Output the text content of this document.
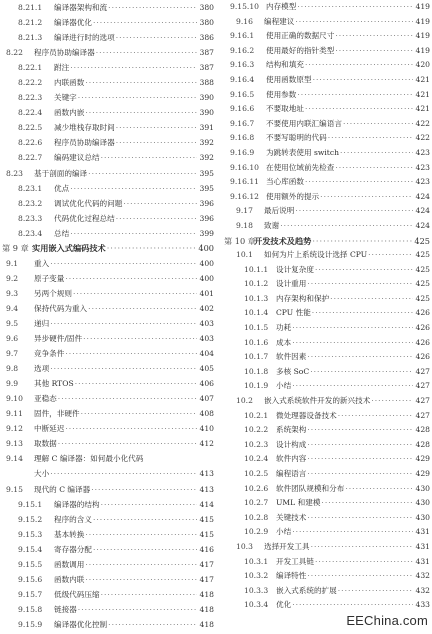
8.21.1	编译器架构和流 ·····	380
8.21.2	编译器优化 ·····	380
8.21.3	编译进行时的选项 ·····	386
8.22	程序员协助编译器 ·····	387
8.22.1	跗注 ·····	387
8.22.2	内联函数 ·····	388
8.22.3	关键字 ·····	390
8.22.4	函数内嵌 ·····	390
8.22.5	减少堆栈存取时间 ·····	391
8.22.6	程序员协助编译器 ·····	392
8.22.7	编码建议总结 ·····	392
8.23	基于剖面的编译 ·····	395
8.23.1	优点 ·····	395
8.23.2	调试优化代码的问题 ·····	396
8.23.3	代码优化过程总结 ·····	396
8.23.4	总结 ·····	399
第 9 章 实用嵌入式编码技术 ·····	400
9.1	重入 ·····	400
9.2	原子变量 ·····	400
9.3	另两个规则 ·····	401
9.4	保持代码为重入 ·····	402
9.5	递归 ·····	403
9.6	异步硬件/固件 ·····	403
9.7	竞争条件 ·····	404
9.8	选项 ·····	405
9.9	其他 RTOS ·····	406
9.10	亚稳态 ·····	407
9.11	固件，非硬件 ·····	408
9.12	中断延迟 ·····	410
9.13	取数据 ·····	412
9.14	理解 C 编译器：如何最小化代码
大小 ·····	413
9.15	现代的 C 编译器 ·····	413
9.15.1	编译器的结构 ·····	414
9.15.2	程序的含义 ·····	415
9.15.3	基本转换 ·····	415
9.15.4	寄存器分配 ·····	416
9.15.5	函数调用 ·····	417
9.15.6	函数内联 ·····	417
9.15.7	低级代码压缩 ·····	418
9.15.8	链接器 ·····	418
9.15.9	编译器优化控制 ·····	418
9.15.10 内存模型 ·····	419
9.16	编程建议 ·····	419
9.16.1	使用正确的数据尺寸 ·····	419
9.16.2	使用最好的指针类型 ·····	419
9.16.3	结构和填充 ·····	420
9.16.4	使用函数原型 ·····	421
9.16.5	使用参数 ·····	421
9.16.6	不要取地址 ·····	421
9.16.7	不要使用内联汇编语言 ·····	422
9.16.8	不要写聪明的代码 ·····	422
9.16.9	为跳转表使用 switch ·····	423
9.16.10 在使用位域前先检查 ·····	423
9.16.11 当心库函数 ·····	423
9.16.12 使用额外的提示 ·····	424
9.17	最后说明 ·····	424
9.18	致谢 ·····	424
第 10 章
开发技术及趋势 ·····	425
10.1	如何为片上系统设计选择 CPU ·····	425
10.1.1	设计复杂度 ·····	425
10.1.2	设计重用 ·····	425
10.1.3	内存架构和保护 ·····	425
10.1.4	CPU 性能 ·····	426
10.1.5	功耗 ·····	426
10.1.6	成本 ·····	426
10.1.7	软件因素 ·····	426
10.1.8	多核 SoC ·····	427
10.1.9	小结 ·····	427
10.2	嵌入式系统软件开发的新兴技术 ·····	427
10.2.1	微处理器设备技术 ·····	427
10.2.2	系统架构 ·····	428
10.2.3	设计构成 ·····	428
10.2.4	软件内容 ·····	429
10.2.5	编程语言 ·····	429
10.2.6	软件团队规模和分布 ·····	430
10.2.7	UML 和建模 ·····	430
10.2.8	关键技术 ·····	430
10.2.9	小结 ·····	431
10.3	选择开发工具 ·····	431
10.3.1	开发工具链 ·····	431
10.3.2	编译特性 ·····	432
10.3.3	嵌入式系统的扩展 ·····	432
10.3.4	优化 ·····	433
EEChina.com
